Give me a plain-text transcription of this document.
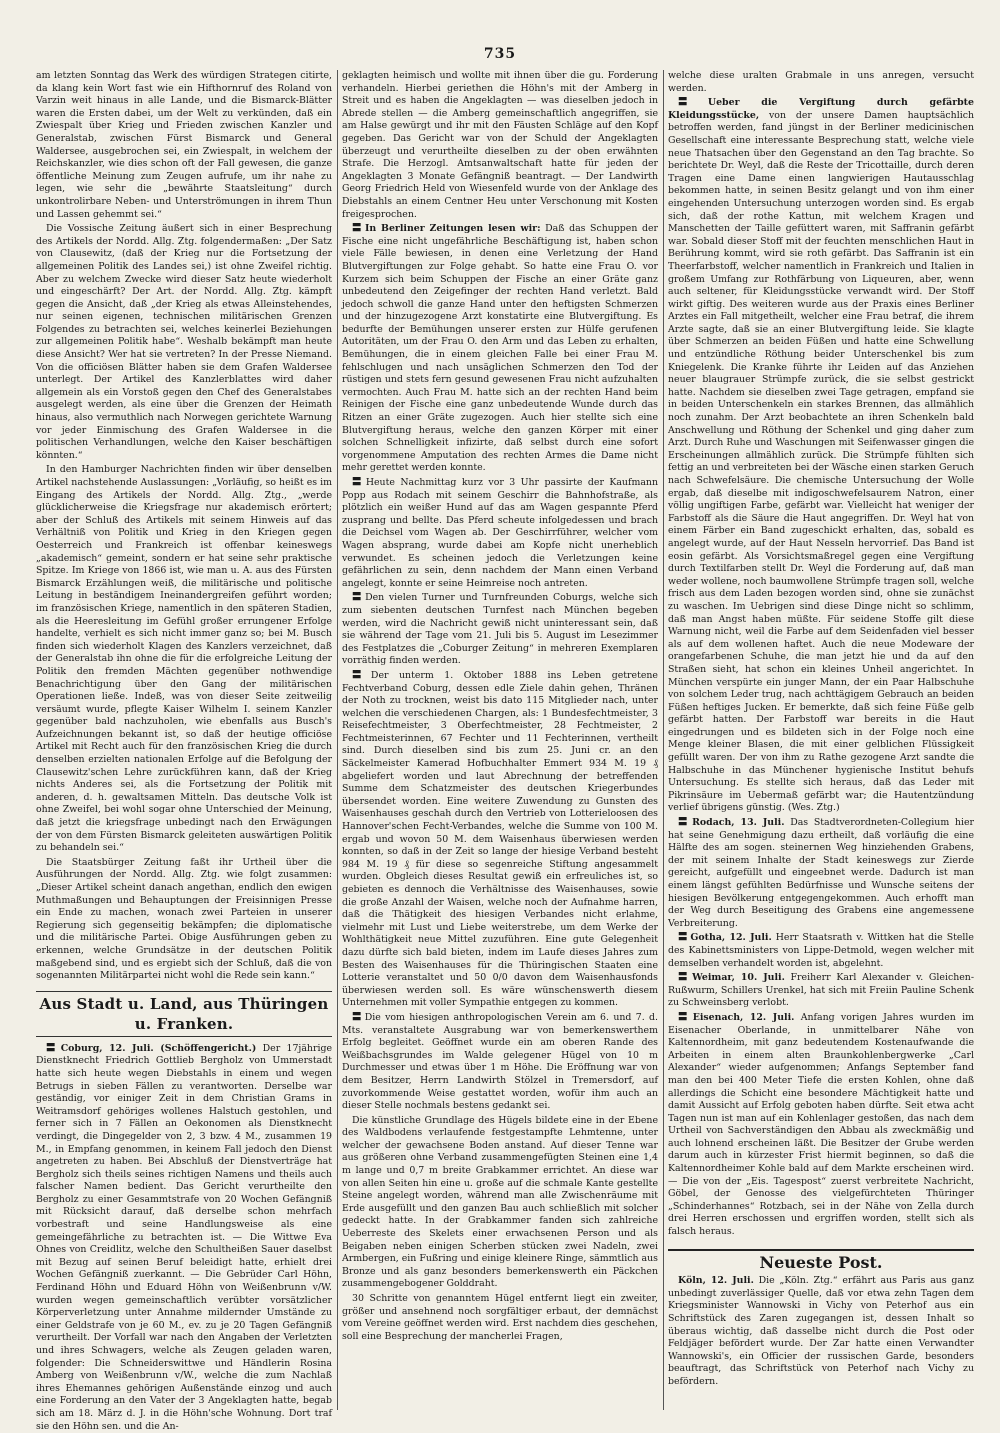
735

am letzten Sonntag das Werk des würdigen Strategen citirte, da klang kein Wort fast wie ein Hifthornruf des Roland von Varzin weit hinaus in alle Lande, und die Bismarck-Blätter waren die Ersten dabei, um der Welt zu verkünden, daß ein Zwiespalt über Krieg und Frieden zwischen Kanzler und Generalstab, zwischen Fürst Bismarck und General Waldersee, ausgebrochen sei, ein Zwiespalt, in welchem der Reichskanzler, wie dies schon oft der Fall gewesen, die ganze öffentliche Meinung zum Zeugen aufrufe, um ihr nahe zu legen, wie sehr die „bewährte Staatsleitung“ durch unkontrolirbare Neben- und Unterströmungen in ihrem Thun und Lassen gehemmt sei.“

Die Vossische Zeitung äußert sich in einer Besprechung des Artikels der Nordd. Allg. Ztg. folgendermaßen: „Der Satz von Clausewitz, (daß der Krieg nur die Fortsetzung der allgemeinen Politik des Landes sei,) ist ohne Zweifel richtig. Aber zu welchem Zwecke wird dieser Satz heute wiederholt und eingeschärft? Der Art. der Nordd. Allg. Ztg. kämpft gegen die Ansicht, daß „der Krieg als etwas Alleinstehendes, nur seinen eigenen, technischen militärischen Grenzen Folgendes zu betrachten sei, welches keinerlei Beziehungen zur allgemeinen Politik habe“. Weshalb bekämpft man heute diese Ansicht? Wer hat sie vertreten? In der Presse Niemand. Von die officiösen Blätter haben sie dem Grafen Waldersee unterlegt. Der Artikel des Kanzlerblattes wird daher allgemein als ein Vorstoß gegen den Chef des Generalstabes ausgelegt werden, als eine über die Grenzen der Heimath hinaus, also vermuthlich nach Norwegen gerichtete Warnung vor jeder Einmischung des Grafen Waldersee in die politischen Verhandlungen, welche den Kaiser beschäftigen könnten.“

In den Hamburger Nachrichten finden wir über denselben Artikel nachstehende Auslassungen: „Vorläufig, so heißt es im Eingang des Artikels der Nordd. Allg. Ztg., „werde glücklicherweise die Kriegsfrage nur akademisch erörtert; aber der Schluß des Artikels mit seinem Hinweis auf das Verhältniß von Politik und Krieg in den Kriegen gegen Oesterreich und Frankreich ist offenbar keineswegs „akademisch“ gemeint, sondern er hat seine sehr praktische Spitze. Im Kriege von 1866 ist, wie man u. A. aus des Fürsten Bismarck Erzählungen weiß, die militärische und politische Leitung in beständigem Ineinandergreifen geführt worden; im französischen Kriege, namentlich in den späteren Stadien, als die Heeresleitung im Gefühl großer errungener Erfolge handelte, verhielt es sich nicht immer ganz so; bei M. Busch finden sich wiederholt Klagen des Kanzlers verzeichnet, daß der Generalstab ihn ohne die für die erfolgreiche Leitung der Politik den fremden Mächten gegenüber nothwendige Benachrichtigung über den Gang der militärischen Operationen ließe. Indeß, was von dieser Seite zeitweilig versäumt wurde, pflegte Kaiser Wilhelm I. seinem Kanzler gegenüber bald nachzuholen, wie ebenfalls aus Busch's Aufzeichnungen bekannt ist, so daß der heutige officiöse Artikel mit Recht auch für den französischen Krieg die durch denselben erzielten nationalen Erfolge auf die Befolgung der Clausewitz'schen Lehre zurückführen kann, daß der Krieg nichts Anderes sei, als die Fortsetzung der Politik mit anderen, d. h. gewaltsamen Mitteln. Das deutsche Volk ist ohne Zweifel, bei wohl sogar ohne Unterschied der Meinung, daß jetzt die kriegsfrage unbedingt nach den Erwägungen der von dem Fürsten Bismarck geleiteten auswärtigen Politik zu behandeln sei.“

Die Staatsbürger Zeitung faßt ihr Urtheil über die Ausführungen der Nordd. Allg. Ztg. wie folgt zusammen: „Dieser Artikel scheint danach angethan, endlich den ewigen Muthmaßungen und Behauptungen der Freisinnigen Presse ein Ende zu machen, wonach zwei Parteien in unserer Regierung sich gegenseitig bekämpfen; die diplomatische und die militärische Partei. Obige Ausführungen geben zu erkennen, welche Grundsätze in der deutschen Politik maßgebend sind, und es ergiebt sich der Schluß, daß die von sogenannten Militärpartei nicht wohl die Rede sein kann.“

Aus Stadt u. Land, aus Thüringen u. Franken.

〓 Coburg, 12. Juli. (Schöffengericht.) Der 17jährige Dienstknecht Friedrich Gottlieb Bergholz von Ummerstadt hatte sich heute wegen Diebstahls in einem und wegen Betrugs in sieben Fällen zu verantworten. Derselbe war geständig, vor einiger Zeit in dem Christian Grams in Weitramsdorf gehöriges wollenes Halstuch gestohlen, und ferner sich in 7 Fällen an Oekonomen als Dienstknecht verdingt, die Dingegelder von 2, 3 bzw. 4 M., zusammen 19 M., in Empfang genommen, in keinem Fall jedoch den Dienst angetreten zu haben. Bei Abschluß der Dienstverträge hat Bergholz sich theils seines richtigen Namens und theils auch falscher Namen bedient. Das Gericht verurtheilte den Bergholz zu einer Gesammtstrafe von 20 Wochen Gefängniß mit Rücksicht darauf, daß derselbe schon mehrfach vorbestraft und seine Handlungsweise als eine gemeingefährliche zu betrachten ist. — Die Wittwe Eva Ohnes von Creidlitz, welche den Schultheißen Sauer daselbst mit Bezug auf seinen Beruf beleidigt hatte, erhielt drei Wochen Gefängniß zuerkannt. — Die Gebrüder Carl Höhn, Ferdinand Höhn und Eduard Höhn von Weißenbrunn v/W. wurden wegen gemeinschaftlich verübter vorsätzlicher Körperverletzung unter Annahme mildernder Umstände zu einer Geldstrafe von je 60 M., ev. zu je 20 Tagen Gefängniß verurtheilt. Der Vorfall war nach den Angaben der Verletzten und ihres Schwagers, welche als Zeugen geladen waren, folgender: Die Schneiderswittwe und Händlerin Rosina Amberg von Weißenbrunn v/W., welche die zum Nachlaß ihres Ehemannes gehörigen Außenstände einzog und auch eine Forderung an den Vater der 3 Angeklagten hatte, begab sich am 18. März d. J. in die Höhn'sche Wohnung. Dort traf sie den Höhn sen. und die An-

geklagten heimisch und wollte mit ihnen über die gu. Forderung verhandeln. Hierbei geriethen die Höhn's mit der Amberg in Streit und es haben die Angeklagten — was dieselben jedoch in Abrede stellen — die Amberg gemeinschaftlich angegriffen, sie am Halse gewürgt und ihr mit den Fäusten Schläge auf den Kopf gegeben. Das Gericht war von der Schuld der Angeklagten überzeugt und verurtheilte dieselben zu der oben erwähnten Strafe. Die Herzogl. Amtsanwaltschaft hatte für jeden der Angeklagten 3 Monate Gefängniß beantragt. — Der Landwirth Georg Friedrich Held von Wiesenfeld wurde von der Anklage des Diebstahls an einem Centner Heu unter Verschonung mit Kosten freigesprochen.

〓 In Berliner Zeitungen lesen wir: Daß das Schuppen der Fische eine nicht ungefährliche Beschäftigung ist, haben schon viele Fälle bewiesen, in denen eine Verletzung der Hand Blutvergiftungen zur Folge gehabt. So hatte eine Frau O. vor Kurzem sich beim Schuppen der Fische an einer Gräte ganz unbedeutend den Zeigefinger der rechten Hand verletzt. Bald jedoch schwoll die ganze Hand unter den heftigsten Schmerzen und der hinzugezogene Arzt konstatirte eine Blutvergiftung. Es bedurfte der Bemühungen unserer ersten zur Hülfe gerufenen Autoritäten, um der Frau O. den Arm und das Leben zu erhalten, Bemühungen, die in einem gleichen Falle bei einer Frau M. fehlschlugen und nach unsäglichen Schmerzen den Tod der rüstigen und stets fern gesund gewesenen Frau nicht aufzuhalten vermochten. Auch Frau M. hatte sich an der rechten Hand beim Reinigen der Fische eine ganz unbedeutende Wunde durch das Ritzen an einer Gräte zugezogen. Auch hier stellte sich eine Blutvergiftung heraus, welche den ganzen Körper mit einer solchen Schnelligkeit infizirte, daß selbst durch eine sofort vorgenommene Amputation des rechten Armes die Dame nicht mehr gerettet werden konnte.

〓 Heute Nachmittag kurz vor 3 Uhr passirte der Kaufmann Popp aus Rodach mit seinem Geschirr die Bahnhofstraße, als plötzlich ein weißer Hund auf das am Wagen gespannte Pferd zusprang und bellte. Das Pferd scheute infolgedessen und brach die Deichsel vom Wagen ab. Der Geschirrführer, welcher vom Wagen absprang, wurde dabei am Kopfe nicht unerheblich verwundet. Es scheinen jedoch die Verletzungen keine gefährlichen zu sein, denn nachdem der Mann einen Verband angelegt, konnte er seine Heimreise noch antreten.

〓 Den vielen Turner und Turnfreunden Coburgs, welche sich zum siebenten deutschen Turnfest nach München begeben werden, wird die Nachricht gewiß nicht uninteressant sein, daß sie während der Tage vom 21. Juli bis 5. August im Lesezimmer des Festplatzes die „Coburger Zeitung“ in mehreren Exemplaren vorräthig finden werden.

〓 Der unterm 1. Oktober 1888 ins Leben getretene Fechtverband Coburg, dessen edle Ziele dahin gehen, Thränen der Noth zu trocknen, weist bis dato 115 Mitglieder nach, unter welchen die verschiedenen Chargen, als: 1 Bundesfechtmeister, 3 Reisefechtmeister, 3 Oberfechtmeister, 28 Fechtmeister, 2 Fechtmeisterinnen, 67 Fechter und 11 Fechterinnen, vertheilt sind. Durch dieselben sind bis zum 25. Juni cr. an den Säckelmeister Kamerad Hofbuchhalter Emmert 934 M. 19 ₰ abgeliefert worden und laut Abrechnung der betreffenden Summe dem Schatzmeister des deutschen Kriegerbundes übersendet worden. Eine weitere Zuwendung zu Gunsten des Waisenhauses geschah durch den Vertrieb von Lotterieloosen des Hannover'schen Fecht-Verbandes, welche die Summe von 100 M. ergab und wovon 50 M. dem Waisenhaus überwiesen werden konnten, so daß in der Zeit so lange der hiesige Verband besteht 984 M. 19 ₰ für diese so segenreiche Stiftung angesammelt wurden. Obgleich dieses Resultat gewiß ein erfreuliches ist, so gebieten es dennoch die Verhältnisse des Waisenhauses, sowie die große Anzahl der Waisen, welche noch der Aufnahme harren, daß die Thätigkeit des hiesigen Verbandes nicht erlahme, vielmehr mit Lust und Liebe weiterstrebe, um dem Werke der Wohlthätigkeit neue Mittel zuzuführen. Eine gute Gelegenheit dazu dürfte sich bald bieten, indem im Laufe dieses Jahres zum Besten des Waisenhauses für die Thüringischen Staaten eine Lotterie veranstaltet und 50 0/0 davon dem Waisenhausfonds überwiesen werden soll. Es wäre wünschenswerth diesem Unternehmen mit voller Sympathie entgegen zu kommen.

〓 Die vom hiesigen anthropologischen Verein am 6. und 7. d. Mts. veranstaltete Ausgrabung war von bemerkenswerthem Erfolg begleitet. Geöffnet wurde ein am oberen Rande des Weißbachsgrundes im Walde gelegener Hügel von 10 m Durchmesser und etwas über 1 m Höhe. Die Eröffnung war von dem Besitzer, Herrn Landwirth Stölzel in Tremersdorf, auf zuvorkommende Weise gestattet worden, wofür ihm auch an dieser Stelle nochmals bestens gedankt sei.

Die künstliche Grundlage des Hügels bildete eine in der Ebene des Waldbodens verlaufende festgestampfte Lehmtenne, unter welcher der gewachsene Boden anstand. Auf dieser Tenne war aus größeren ohne Verband zusammengefügten Steinen eine 1,4 m lange und 0,7 m breite Grabkammer errichtet. An diese war von allen Seiten hin eine u. große auf die schmale Kante gestellte Steine angelegt worden, während man alle Zwischenräume mit Erde ausgefüllt und den ganzen Bau auch schließlich mit solcher gedeckt hatte. In der Grabkammer fanden sich zahlreiche Ueberreste des Skelets einer erwachsenen Person und als Beigaben neben einigen Scherben stücken zwei Nadeln, zwei Armbergen, ein Fußring und einige kleinere Ringe, sämmtlich aus Bronze und als ganz besonders bemerkenswerth ein Päckchen zusammengebogener Golddraht.

30 Schritte von genanntem Hügel entfernt liegt ein zweiter, größer und ansehnend noch sorgfältiger erbaut, der demnächst vom Vereine geöffnet werden wird. Erst nachdem dies geschehen, soll eine Besprechung der mancherlei Fragen,

welche diese uralten Grabmale in uns anregen, versucht werden.

〓 Ueber die Vergiftung durch gefärbte Kleidungsstücke, von der unsere Damen hauptsächlich betroffen werden, fand jüngst in der Berliner medicinischen Gesellschaft eine interessante Besprechung statt, welche viele neue Thatsachen über den Gegenstand an den Tag brachte. So berichtete Dr. Weyl, daß die Reste der Tricottaille, durch deren Tragen eine Dame einen langwierigen Hautausschlag bekommen hatte, in seinen Besitz gelangt und von ihm einer eingehenden Untersuchung unterzogen worden sind. Es ergab sich, daß der rothe Kattun, mit welchem Kragen und Manschetten der Taille gefüttert waren, mit Saffranin gefärbt war. Sobald dieser Stoff mit der feuchten menschlichen Haut in Berührung kommt, wird sie roth gefärbt. Das Saffranin ist ein Theerfarbstoff, welcher namentlich in Frankreich und Italien in großem Umfang zur Rothfärbung von Liqueuren, aber, wenn auch seltener, für Kleidungsstücke verwandt wird. Der Stoff wirkt giftig. Des weiteren wurde aus der Praxis eines Berliner Arztes ein Fall mitgetheilt, welcher eine Frau betraf, die ihrem Arzte sagte, daß sie an einer Blutvergiftung leide. Sie klagte über Schmerzen an beiden Füßen und hatte eine Schwellung und entzündliche Röthung beider Unterschenkel bis zum Kniegelenk. Die Kranke führte ihr Leiden auf das Anziehen neuer blaugrauer Strümpfe zurück, die sie selbst gestrickt hatte. Nachdem sie dieselben zwei Tage getragen, empfand sie in beiden Unterschenkeln ein starkes Brennen, das allmählich noch zunahm. Der Arzt beobachtete an ihren Schenkeln bald Anschwellung und Röthung der Schenkel und ging daher zum Arzt. Durch Ruhe und Waschungen mit Seifenwasser gingen die Erscheinungen allmählich zurück. Die Strümpfe fühlten sich fettig an und verbreiteten bei der Wäsche einen starken Geruch nach Schwefelsäure. Die chemische Untersuchung der Wolle ergab, daß dieselbe mit indigoschwefelsaurem Natron, einer völlig ungiftigen Farbe, gefärbt war. Vielleicht hat weniger der Farbstoff als die Säure die Haut angegriffen. Dr. Weyl hat von einem Färber ein Band zugeschickt erhalten, das, sobald es angelegt wurde, auf der Haut Nesseln hervorrief. Das Band ist eosin gefärbt. Als Vorsichtsmaßregel gegen eine Vergiftung durch Textilfarben stellt Dr. Weyl die Forderung auf, daß man weder wollene, noch baumwollene Strümpfe tragen soll, welche frisch aus dem Laden bezogen worden sind, ohne sie zunächst zu waschen. Im Uebrigen sind diese Dinge nicht so schlimm, daß man Angst haben müßte. Für seidene Stoffe gilt diese Warnung nicht, weil die Farbe auf dem Seidenfaden viel besser als auf dem wollenen haftet. Auch die neue Modeware der orangefarbenen Schuhe, die man jetzt hie und da auf den Straßen sieht, hat schon ein kleines Unheil angerichtet. In München verspürte ein junger Mann, der ein Paar Halbschuhe von solchem Leder trug, nach achttägigem Gebrauch an beiden Füßen heftiges Jucken. Er bemerkte, daß sich feine Füße gelb gefärbt hatten. Der Farbstoff war bereits in die Haut eingedrungen und es bildeten sich in der Folge noch eine Menge kleiner Blasen, die mit einer gelblichen Flüssigkeit gefüllt waren. Der von ihm zu Rathe gezogene Arzt sandte die Halbschuhe in das Münchener hygienische Institut behufs Untersuchung. Es stellte sich heraus, daß das Leder mit Pikrinsäure im Uebermaß gefärbt war; die Hautentzündung verlief übrigens günstig. (Wes. Ztg.)

〓 Rodach, 13. Juli. Das Stadtverordneten-Collegium hier hat seine Genehmigung dazu ertheilt, daß vorläufig die eine Hälfte des am sogen. steinernen Weg hinziehenden Grabens, der mit seinem Inhalte der Stadt keineswegs zur Zierde gereicht, aufgefüllt und eingeebnet werde. Dadurch ist man einem längst gefühlten Bedürfnisse und Wunsche seitens der hiesigen Bevölkerung entgegengekommen. Auch erhofft man der Weg durch Beseitigung des Grabens eine angemessene Verbreiterung.

〓 Gotha, 12. Juli. Herr Staatsrath v. Wittken hat die Stelle des Kabinettsministers von Lippe-Detmold, wegen welcher mit demselben verhandelt worden ist, abgelehnt.

〓 Weimar, 10. Juli. Freiherr Karl Alexander v. Gleichen-Rußwurm, Schillers Urenkel, hat sich mit Freiin Pauline Schenk zu Schweinsberg verlobt.

〓 Eisenach, 12. Juli. Anfang vorigen Jahres wurden im Eisenacher Oberlande, in unmittelbarer Nähe von Kaltennordheim, mit ganz bedeutendem Kostenaufwande die Arbeiten in einem alten Braunkohlenbergwerke „Carl Alexander“ wieder aufgenommen; Anfangs September fand man den bei 400 Meter Tiefe die ersten Kohlen, ohne daß allerdings die Schicht eine besondere Mächtigkeit hatte und damit Aussicht auf Erfolg geboten haben dürfte. Seit etwa acht Tagen nun ist man auf ein Kohlenlager gestoßen, das nach dem Urtheil von Sachverständigen den Abbau als zweckmäßig und auch lohnend erscheinen läßt. Die Besitzer der Grube werden darum auch in kürzester Frist hiermit beginnen, so daß die Kaltennordheimer Kohle bald auf dem Markte erscheinen wird. — Die von der „Eis. Tagespost“ zuerst verbreitete Nachricht, Göbel, der Genosse des vielgefürchteten Thüringer „Schinderhannes“ Rotzbach, sei in der Nähe von Zella durch drei Herren erschossen und ergriffen worden, stellt sich als falsch heraus.

Neueste Post.

Köln, 12. Juli. Die „Köln. Ztg.“ erfährt aus Paris aus ganz unbedingt zuverlässiger Quelle, daß vor etwa zehn Tagen dem Kriegsminister Wannowski in Vichy von Peterhof aus ein Schriftstück des Zaren zugegangen ist, dessen Inhalt so überaus wichtig, daß dasselbe nicht durch die Post oder Feldjäger befördert wurde. Der Zar hatte einen Verwandter Wannowski's, ein Officier der russischen Garde, besonders beauftragt, das Schriftstück von Peterhof nach Vichy zu befördern.
